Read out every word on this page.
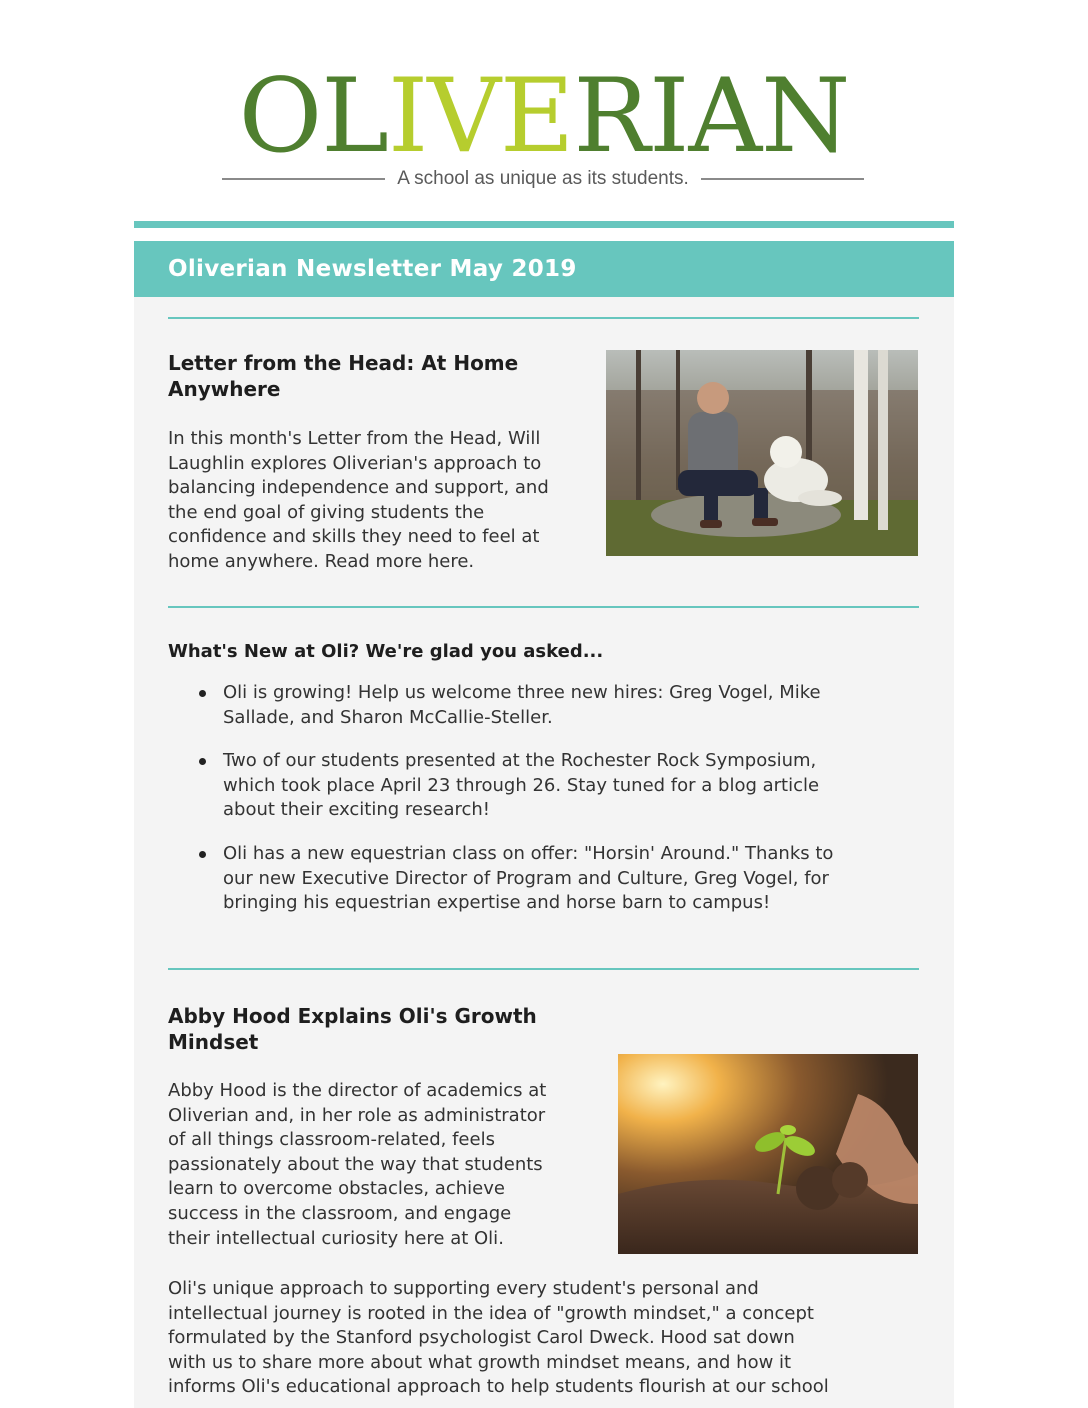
OLIVERIAN
A school as unique as its students.
Oliverian Newsletter May 2019
Letter from the Head: At Home
Anywhere
In this month's Letter from the Head, Will
Laughlin explores Oliverian's approach to
balancing independence and support, and
the end goal of giving students the
confidence and skills they need to feel at
home anywhere. Read more here.
What's New at Oli? We're glad you asked...
Oli is growing! Help us welcome three new hires: Greg Vogel, Mike
Sallade, and Sharon McCallie-Steller.
Two of our students presented at the Rochester Rock Symposium,
which took place April 23 through 26. Stay tuned for a blog article
about their exciting research!
Oli has a new equestrian class on offer: "Horsin' Around." Thanks to
our new Executive Director of Program and Culture, Greg Vogel, for
bringing his equestrian expertise and horse barn to campus!
Abby Hood Explains Oli's Growth
Mindset
Abby Hood is the director of academics at
Oliverian and, in her role as administrator
of all things classroom-related, feels
passionately about the way that students
learn to overcome obstacles, achieve
success in the classroom, and engage
their intellectual curiosity here at Oli.
Oli's unique approach to supporting every student's personal and
intellectual journey is rooted in the idea of "growth mindset," a concept
formulated by the Stanford psychologist Carol Dweck. Hood sat down
with us to share more about what growth mindset means, and how it
informs Oli's educational approach to help students flourish at our school
